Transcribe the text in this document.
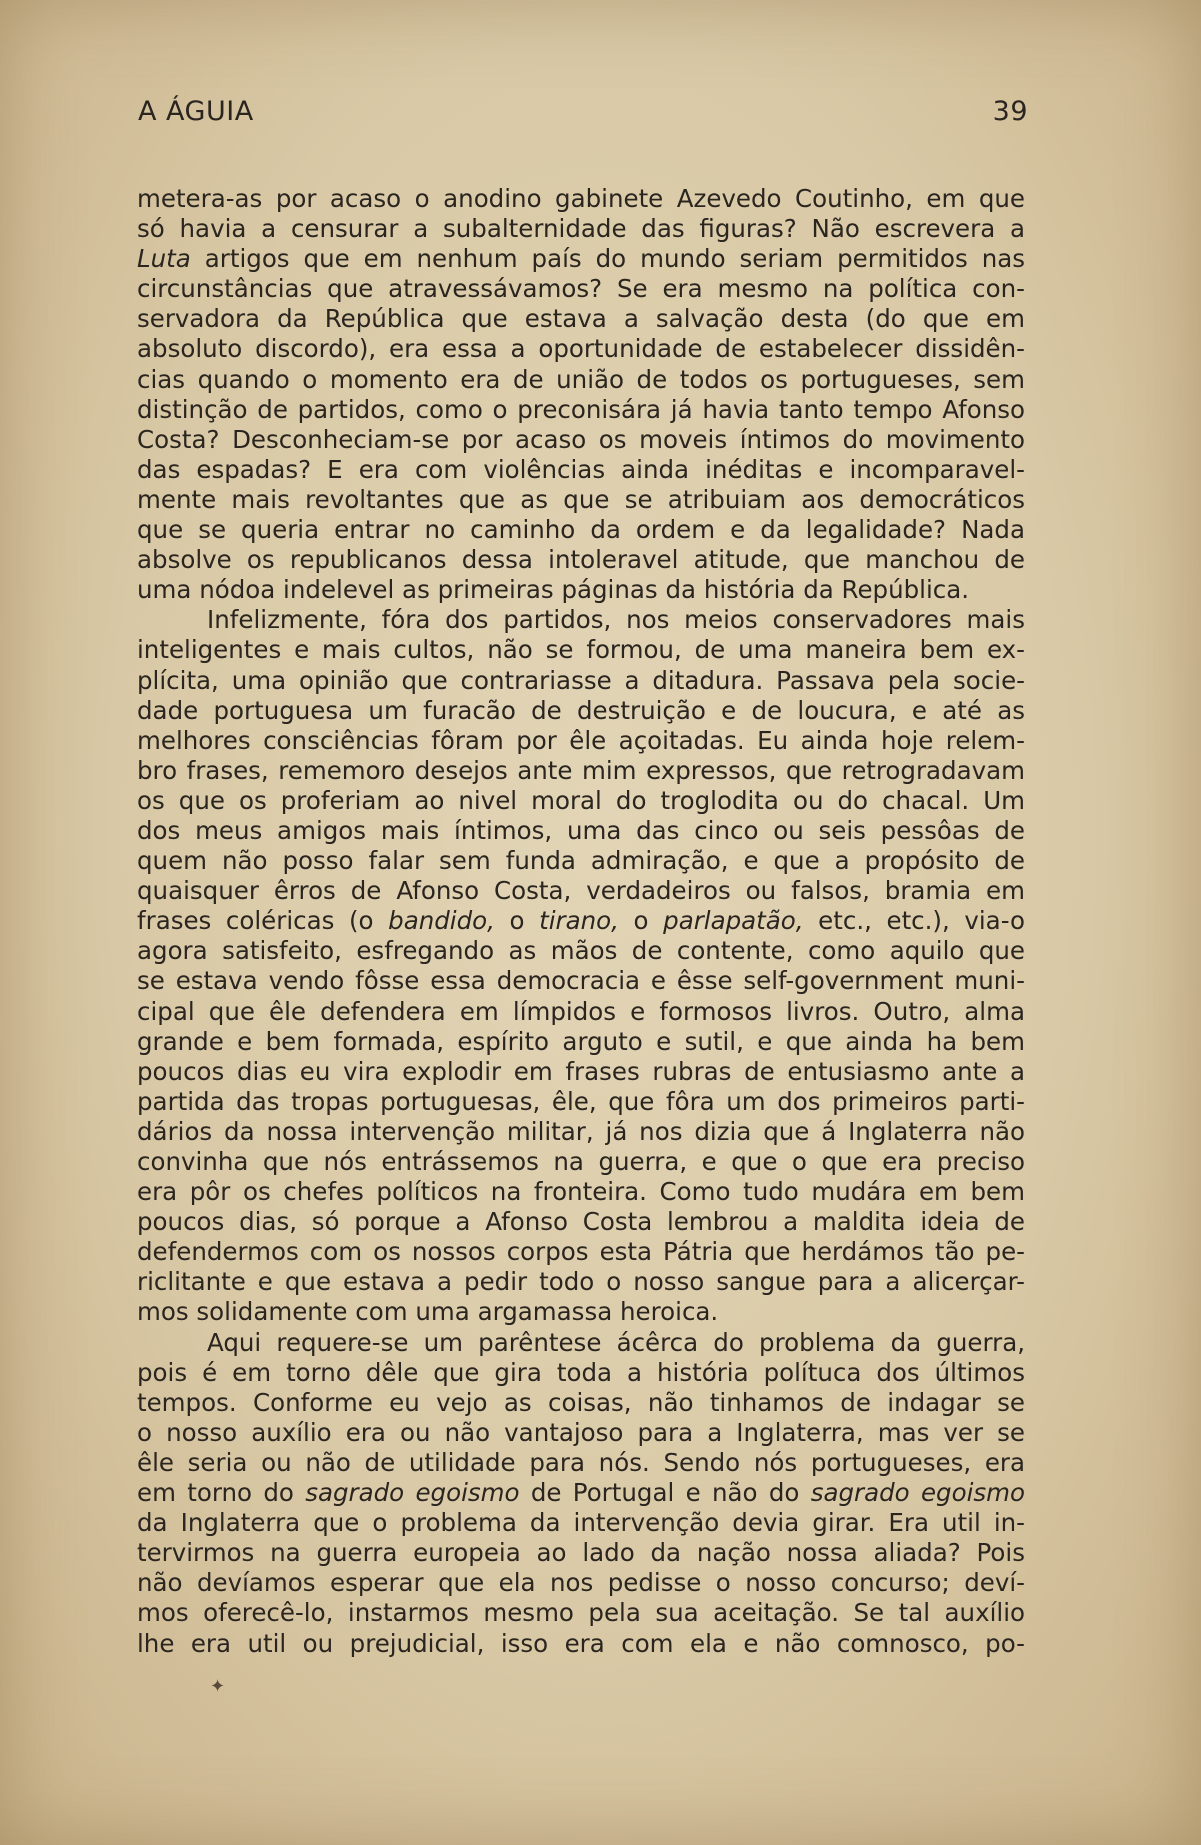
A ÁGUIA	39
metera-as por acaso o anodino gabinete Azevedo Coutinho, em que
só havia a censurar a subalternidade das figuras? Não escrevera a
Luta artigos que em nenhum país do mundo seriam permitidos nas
circunstâncias que atravessávamos? Se era mesmo na política con-
servadora da República que estava a salvação desta (do que em
absoluto discordo), era essa a oportunidade de estabelecer dissidên-
cias quando o momento era de união de todos os portugueses, sem
distinção de partidos, como o preconisára já havia tanto tempo Afonso
Costa? Desconheciam-se por acaso os moveis íntimos do movimento
das espadas? E era com violências ainda inéditas e incomparavel-
mente mais revoltantes que as que se atribuiam aos democráticos
que se queria entrar no caminho da ordem e da legalidade? Nada
absolve os republicanos dessa intoleravel atitude, que manchou de
uma nódoa indelevel as primeiras páginas da história da República.
Infelizmente, fóra dos partidos, nos meios conservadores mais
inteligentes e mais cultos, não se formou, de uma maneira bem ex-
plícita, uma opinião que contrariasse a ditadura. Passava pela socie-
dade portuguesa um furacão de destruição e de loucura, e até as
melhores consciências fôram por êle açoitadas. Eu ainda hoje relem-
bro frases, rememoro desejos ante mim expressos, que retrogradavam
os que os proferiam ao nivel moral do troglodita ou do chacal. Um
dos meus amigos mais íntimos, uma das cinco ou seis pessôas de
quem não posso falar sem funda admiração, e que a propósito de
quaisquer êrros de Afonso Costa, verdadeiros ou falsos, bramia em
frases coléricas (o bandido, o tirano, o parlapatão, etc., etc.), via-o
agora satisfeito, esfregando as mãos de contente, como aquilo que
se estava vendo fôsse essa democracia e êsse self-government muni-
cipal que êle defendera em límpidos e formosos livros. Outro, alma
grande e bem formada, espírito arguto e sutil, e que ainda ha bem
poucos dias eu vira explodir em frases rubras de entusiasmo ante a
partida das tropas portuguesas, êle, que fôra um dos primeiros parti-
dários da nossa intervenção militar, já nos dizia que á Inglaterra não
convinha que nós entrássemos na guerra, e que o que era preciso
era pôr os chefes políticos na fronteira. Como tudo mudára em bem
poucos dias, só porque a Afonso Costa lembrou a maldita ideia de
defendermos com os nossos corpos esta Pátria que herdámos tão pe-
riclitante e que estava a pedir todo o nosso sangue para a alicerçar-
mos solidamente com uma argamassa heroica.
Aqui requere-se um parêntese ácêrca do problema da guerra,
pois é em torno dêle que gira toda a história polítuca dos últimos
tempos. Conforme eu vejo as coisas, não tinhamos de indagar se
o nosso auxílio era ou não vantajoso para a Inglaterra, mas ver se
êle seria ou não de utilidade para nós. Sendo nós portugueses, era
em torno do sagrado egoismo de Portugal e não do sagrado egoismo
da Inglaterra que o problema da intervenção devia girar. Era util in-
tervirmos na guerra europeia ao lado da nação nossa aliada? Pois
não devíamos esperar que ela nos pedisse o nosso concurso; deví-
mos oferecê-lo, instarmos mesmo pela sua aceitação. Se tal auxílio
lhe era util ou prejudicial, isso era com ela e não comnosco, po-
✦
